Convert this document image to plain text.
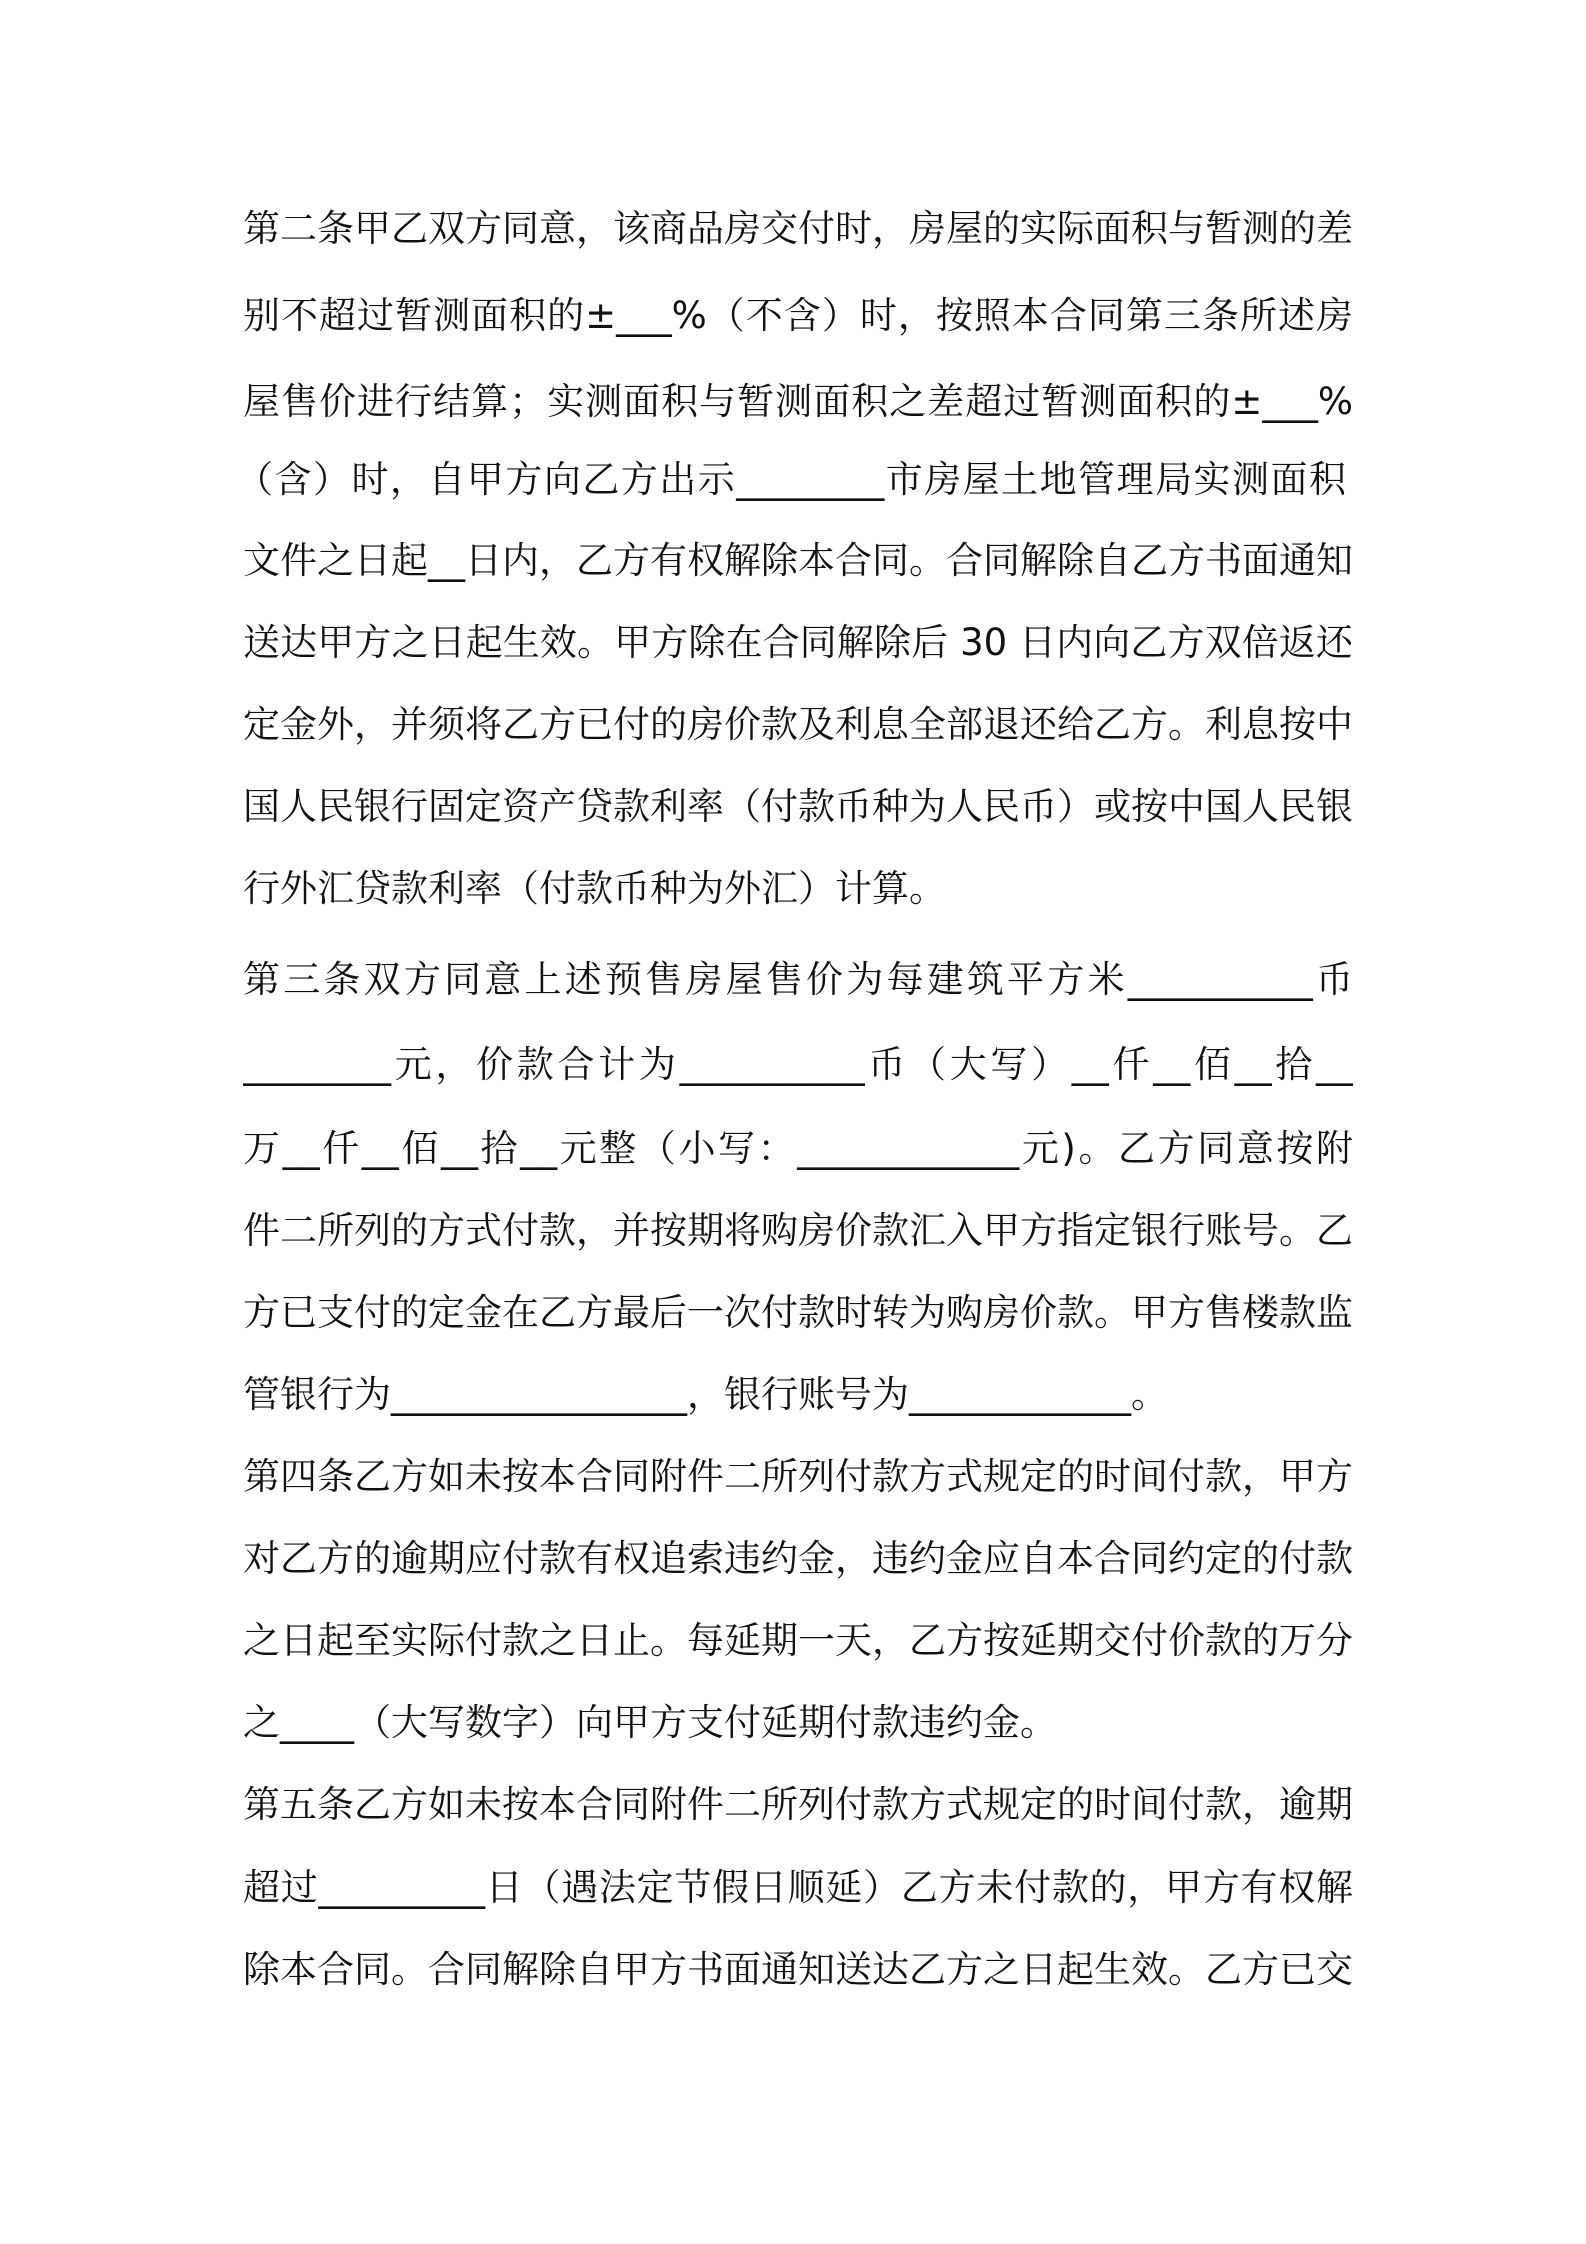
第二条甲乙双方同意，该商品房交付时，房屋的实际面积与暂测的差
别不超过暂测面积的±___%（不含）时，按照本合同第三条所述房
屋售价进行结算；实测面积与暂测面积之差超过暂测面积的±___%
（含）时，自甲方向乙方出示________市房屋土地管理局实测面积
文件之日起__日内，乙方有权解除本合同。合同解除自乙方书面通知
送达甲方之日起生效。甲方除在合同解除后 30 日内向乙方双倍返还
定金外，并须将乙方已付的房价款及利息全部退还给乙方。利息按中
国人民银行固定资产贷款利率（付款币种为人民币）或按中国人民银
行外汇贷款利率（付款币种为外汇）计算。
第三条双方同意上述预售房屋售价为每建筑平方米__________币
________元，价款合计为__________币（大写）__仟__佰__拾__
万__仟__佰__拾__元整（小写：____________元)。乙方同意按附
件二所列的方式付款，并按期将购房价款汇入甲方指定银行账号。乙
方已支付的定金在乙方最后一次付款时转为购房价款。甲方售楼款监
管银行为________________，银行账号为____________。
第四条乙方如未按本合同附件二所列付款方式规定的时间付款，甲方
对乙方的逾期应付款有权追索违约金，违约金应自本合同约定的付款
之日起至实际付款之日止。每延期一天，乙方按延期交付价款的万分
之____（大写数字）向甲方支付延期付款违约金。
第五条乙方如未按本合同附件二所列付款方式规定的时间付款，逾期
超过_________日（遇法定节假日顺延）乙方未付款的，甲方有权解
除本合同。合同解除自甲方书面通知送达乙方之日起生效。乙方已交
